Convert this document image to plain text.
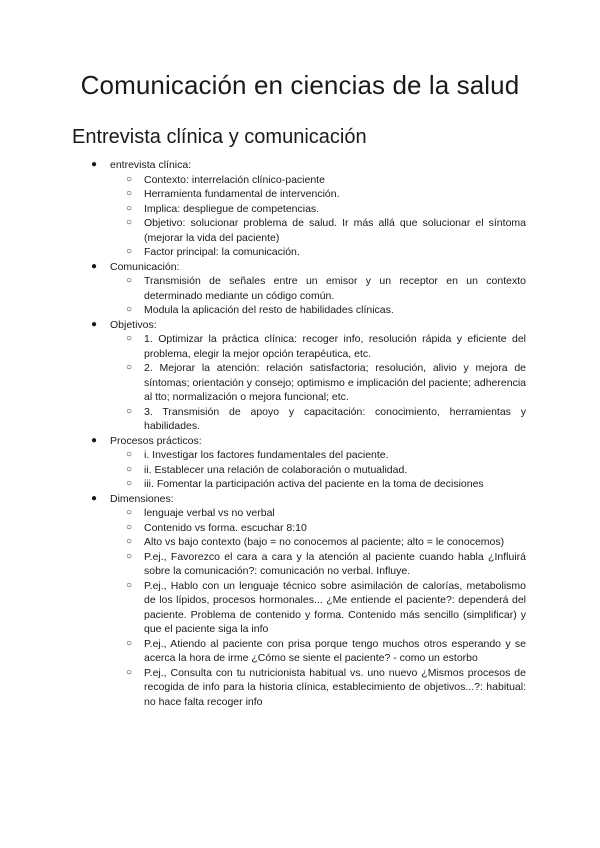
Comunicación en ciencias de la salud
Entrevista clínica y comunicación
● entrevista clínica:
○ Contexto: interrelación clínico-paciente
○ Herramienta fundamental de intervención.
○ Implica: despliegue de competencias.
○ Objetivo: solucionar problema de salud. Ir más allá que solucionar el síntoma (mejorar la vida del paciente)
○ Factor principal: la comunicación.
● Comunicación:
○ Transmisión de señales entre un emisor y un receptor en un contexto determinado mediante un código común.
○ Modula la aplicación del resto de habilidades clínicas.
● Objetivos:
○ 1. Optimizar la práctica clínica: recoger info, resolución rápida y eficiente del problema, elegir la mejor opción terapéutica, etc.
○ 2. Mejorar la atención: relación satisfactoria; resolución, alivio y mejora de síntomas; orientación y consejo; optimismo e implicación del paciente; adherencia al tto; normalización o mejora funcional; etc.
○ 3. Transmisión de apoyo y capacitación: conocimiento, herramientas y habilidades.
● Procesos prácticos:
○ i. Investigar los factores fundamentales del paciente.
○ ii. Establecer una relación de colaboración o mutualidad.
○ iii. Fomentar la participación activa del paciente en la toma de decisiones
● Dimensiones:
○ lenguaje verbal vs no verbal
○ Contenido vs forma. escuchar 8:10
○ Alto vs bajo contexto (bajo = no conocemos al paciente; alto = le conocemos)
○ P.ej., Favorezco el cara a cara y la atención al paciente cuando habla ¿Influirá sobre la comunicación?: comunicación no verbal. Influye.
○ P.ej., Hablo con un lenguaje técnico sobre asimilación de calorías, metabolismo de los lípidos, procesos hormonales... ¿Me entiende el paciente?: dependerá del paciente. Problema de contenido y forma. Contenido más sencillo (simplificar) y que el paciente siga la info
○ P.ej., Atiendo al paciente con prisa porque tengo muchos otros esperando y se acerca la hora de irme ¿Cómo se siente el paciente? - como un estorbo
○ P.ej., Consulta con tu nutricionista habitual vs. uno nuevo ¿Mismos procesos de recogida de info para la historia clínica, establecimiento de objetivos...?: habitual: no hace falta recoger info
